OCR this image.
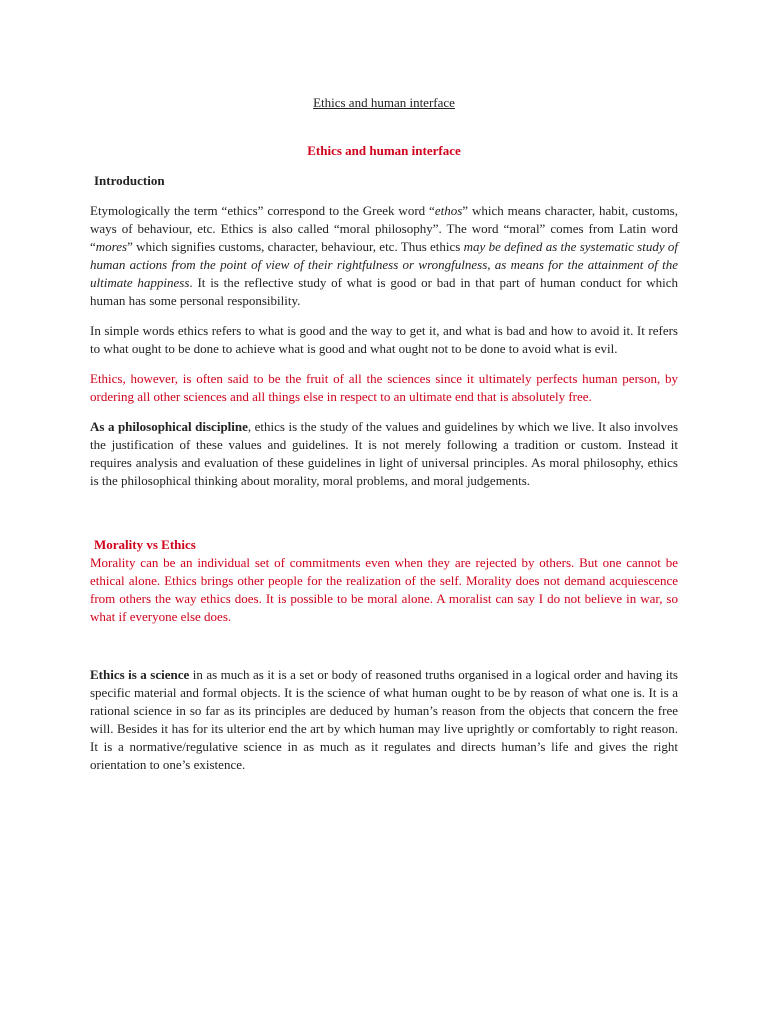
Ethics and human interface
Ethics and human interface
Introduction

Etymologically the term “ethics” correspond to the Greek word “ethos” which means character, habit, customs, ways of behaviour, etc. Ethics is also called “moral philosophy”. The word “moral” comes from Latin word “mores” which signifies customs, character, behaviour, etc. Thus ethics may be defined as the systematic study of human actions from the point of view of their rightfulness or wrongfulness, as means for the attainment of the ultimate happiness. It is the reflective study of what is good or bad in that part of human conduct for which human has some personal responsibility.

In simple words ethics refers to what is good and the way to get it, and what is bad and how to avoid it. It refers to what ought to be done to achieve what is good and what ought not to be done to avoid what is evil.

Ethics, however, is often said to be the fruit of all the sciences since it ultimately perfects human person, by ordering all other sciences and all things else in respect to an ultimate end that is absolutely free.

As a philosophical discipline, ethics is the study of the values and guidelines by which we live. It also involves the justification of these values and guidelines. It is not merely following a tradition or custom. Instead it requires analysis and evaluation of these guidelines in light of universal principles. As moral philosophy, ethics is the philosophical thinking about morality, moral problems, and moral judgements.

Morality vs Ethics

Morality can be an individual set of commitments even when they are rejected by others. But one cannot be ethical alone. Ethics brings other people for the realization of the self. Morality does not demand acquiescence from others the way ethics does. It is possible to be moral alone. A moralist can say I do not believe in war, so what if everyone else does.

Ethics is a science in as much as it is a set or body of reasoned truths organised in a logical order and having its specific material and formal objects. It is the science of what human ought to be by reason of what one is. It is a rational science in so far as its principles are deduced by human’s reason from the objects that concern the free will. Besides it has for its ulterior end the art by which human may live uprightly or comfortably to right reason. It is a normative/regulative science in as much as it regulates and directs human’s life and gives the right orientation to one’s existence.
